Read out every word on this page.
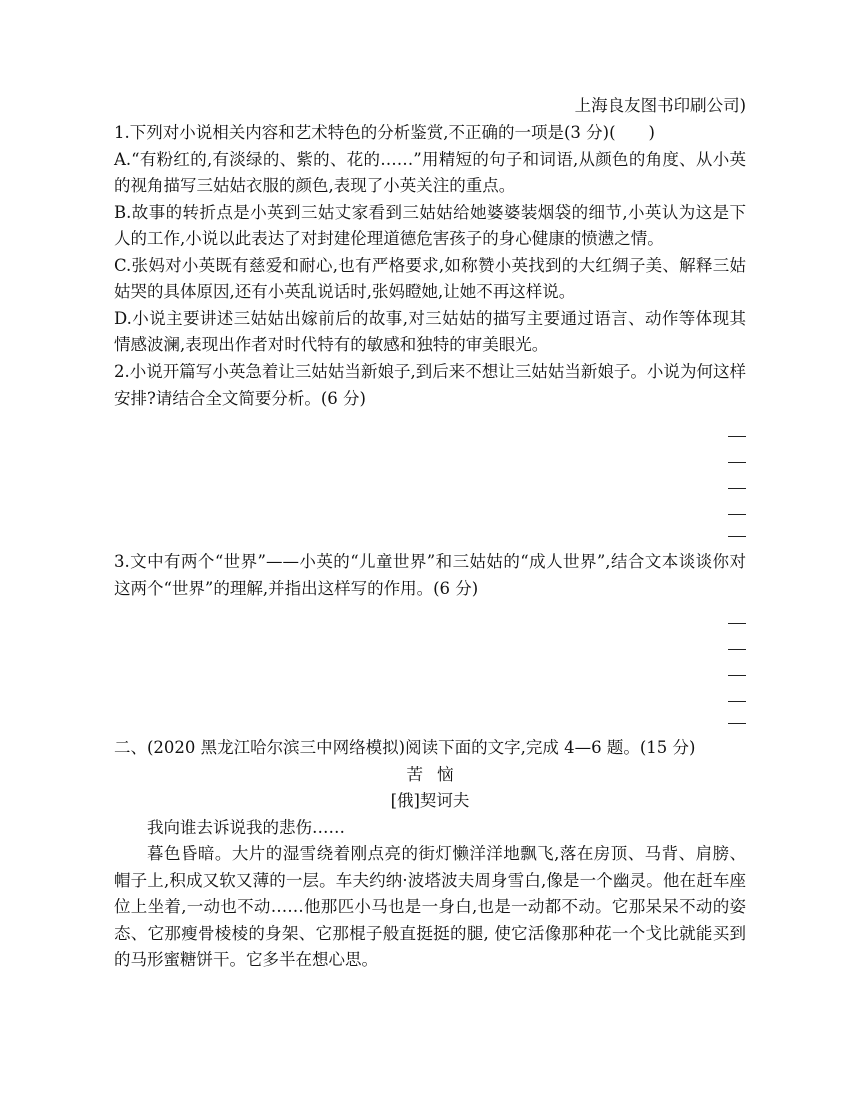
上海良友图书印刷公司)

1.下列对小说相关内容和艺术特色的分析鉴赏,不正确的一项是(3 分)(　　)

A.“有粉红的,有淡绿的、紫的、花的……”用精短的句子和词语,从颜色的角度、从小英的视角描写三姑姑衣服的颜色,表现了小英关注的重点。

B.故事的转折点是小英到三姑丈家看到三姑姑给她婆婆装烟袋的细节,小英认为这是下人的工作,小说以此表达了对封建伦理道德危害孩子的身心健康的愤懑之情。

C.张妈对小英既有慈爱和耐心,也有严格要求,如称赞小英找到的大红绸子美、解释三姑姑哭的具体原因,还有小英乱说话时,张妈瞪她,让她不再这样说。

D.小说主要讲述三姑姑出嫁前后的故事,对三姑姑的描写主要通过语言、动作等体现其情感波澜,表现出作者对时代特有的敏感和独特的审美眼光。

2.小说开篇写小英急着让三姑姑当新娘子,到后来不想让三姑姑当新娘子。小说为何这样安排?请结合全文简要分析。(6 分)

3.文中有两个“世界”——小英的“儿童世界”和三姑姑的“成人世界”,结合文本谈谈你对这两个“世界”的理解,并指出这样写的作用。(6 分)

二、(2020 黑龙江哈尔滨三中网络模拟)阅读下面的文字,完成 4—6 题。(15 分)

苦恼

[俄]契诃夫

我向谁去诉说我的悲伤……

暮色昏暗。大片的湿雪绕着刚点亮的街灯懒洋洋地飘飞,落在房顶、马背、肩膀、帽子上,积成又软又薄的一层。车夫约纳·波塔波夫周身雪白,像是一个幽灵。他在赶车座位上坐着,一动也不动……他那匹小马也是一身白,也是一动都不动。它那呆呆不动的姿态、它那瘦骨棱棱的身架、它那棍子般直挺挺的腿, 使它活像那种花一个戈比就能买到的马形蜜糖饼干。它多半在想心思。
